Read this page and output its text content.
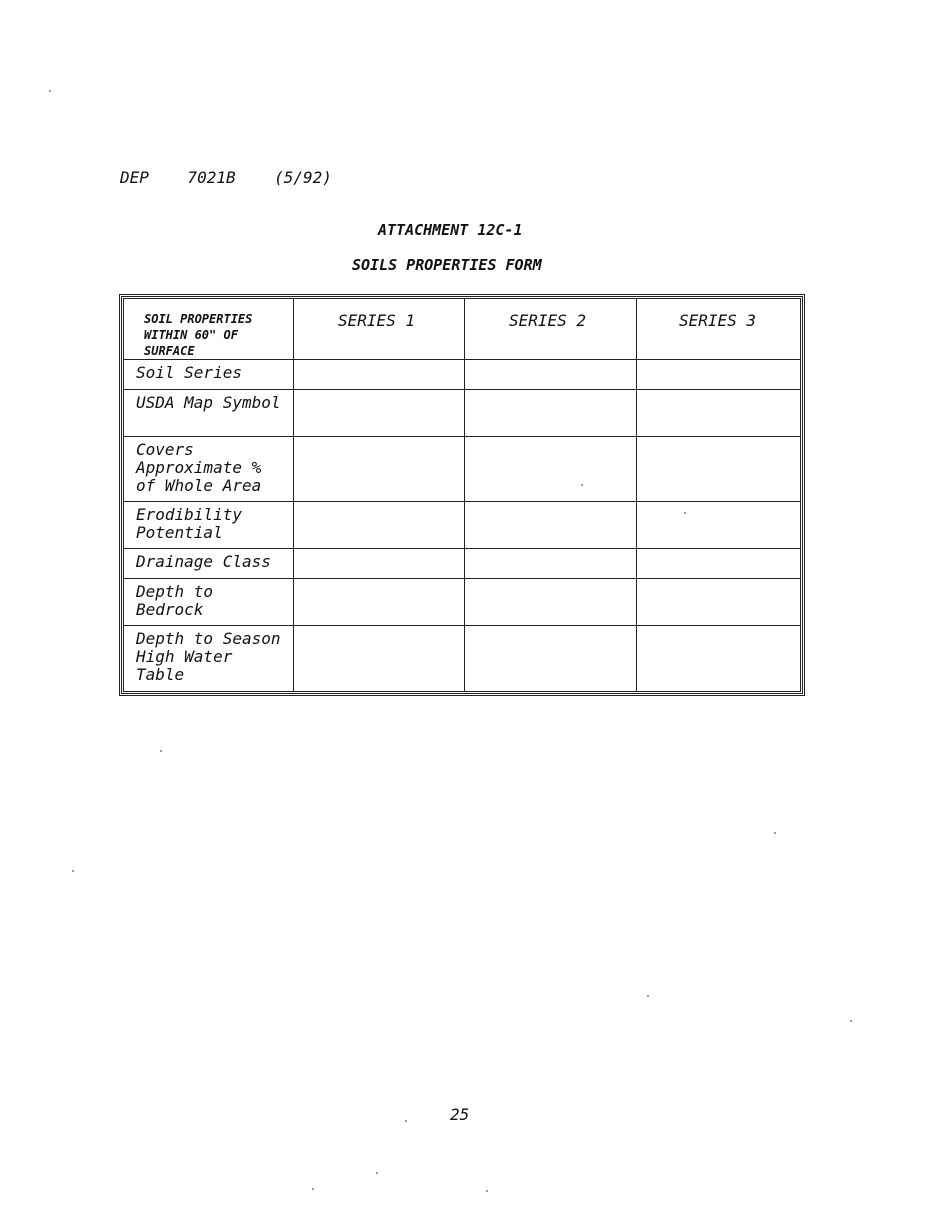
DEP    7021B    (5/92)
ATTACHMENT 12C-1
SOILS PROPERTIES FORM
SOIL PROPERTIES WITHIN 60" OF SURFACE	SERIES 1	SERIES 2	SERIES 3
Soil Series			
USDA Map Symbol			
Covers Approximate % of Whole Area			
Erodibility Potential			
Drainage Class			
Depth to Bedrock			
Depth to Season High Water Table			
25
